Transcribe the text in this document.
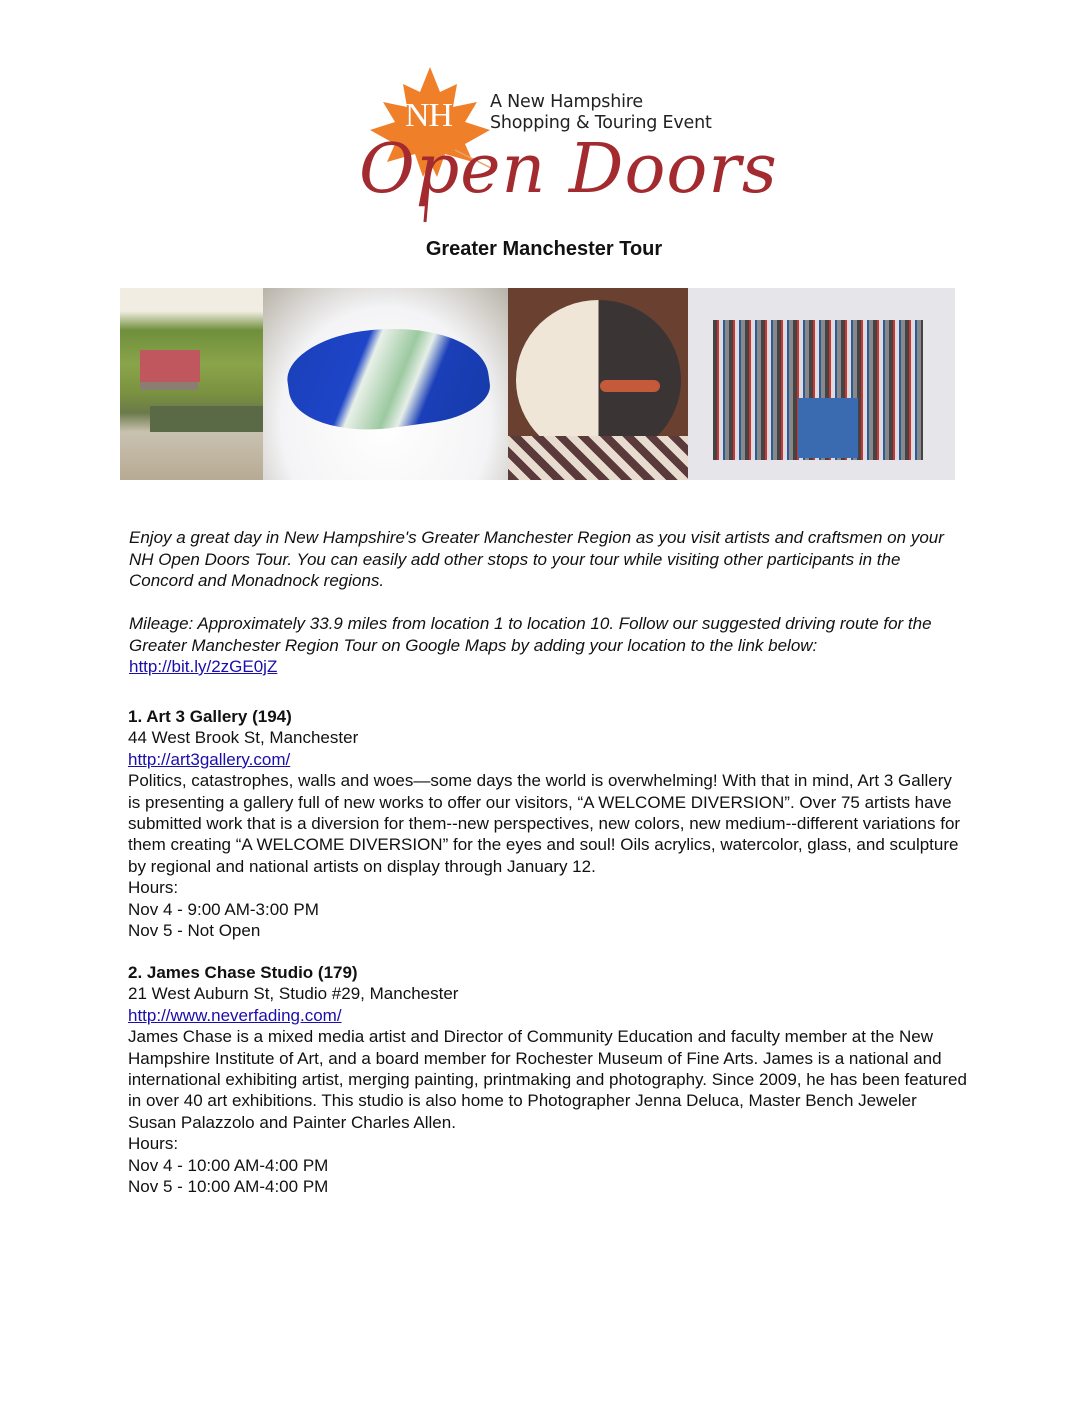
NH A New Hampshire
Shopping & Touring Event
Open Doors
Greater Manchester Tour

Enjoy a great day in New Hampshire's Greater Manchester Region as you visit artists and craftsmen on your NH Open Doors Tour. You can easily add other stops to your tour while visiting other participants in the Concord and Monadnock regions.

Mileage: Approximately 33.9 miles from location 1 to location 10. Follow our suggested driving route for the Greater Manchester Region Tour on Google Maps by adding your location to the link below:
http://bit.ly/2zGE0jZ
1. Art 3 Gallery (194)
44 West Brook St, Manchester
http://art3gallery.com/
Politics, catastrophes, walls and woes—some days the world is overwhelming! With that in mind, Art 3 Gallery is presenting a gallery full of new works to offer our visitors, “A WELCOME DIVERSION”. Over 75 artists have submitted work that is a diversion for them--new perspectives, new colors, new medium--different variations for them creating “A WELCOME DIVERSION” for the eyes and soul! Oils acrylics, watercolor, glass, and sculpture by regional and national artists on display through January 12.
Hours:
Nov 4 - 9:00 AM-3:00 PM
Nov 5 - Not Open
2. James Chase Studio (179)
21 West Auburn St, Studio #29, Manchester
http://www.neverfading.com/
James Chase is a mixed media artist and Director of Community Education and faculty member at the New Hampshire Institute of Art, and a board member for Rochester Museum of Fine Arts. James is a national and international exhibiting artist, merging painting, printmaking and photography. Since 2009, he has been featured in over 40 art exhibitions. This studio is also home to Photographer Jenna Deluca, Master Bench Jeweler Susan Palazzolo and Painter Charles Allen.
Hours:
Nov 4 - 10:00 AM-4:00 PM
Nov 5 - 10:00 AM-4:00 PM
